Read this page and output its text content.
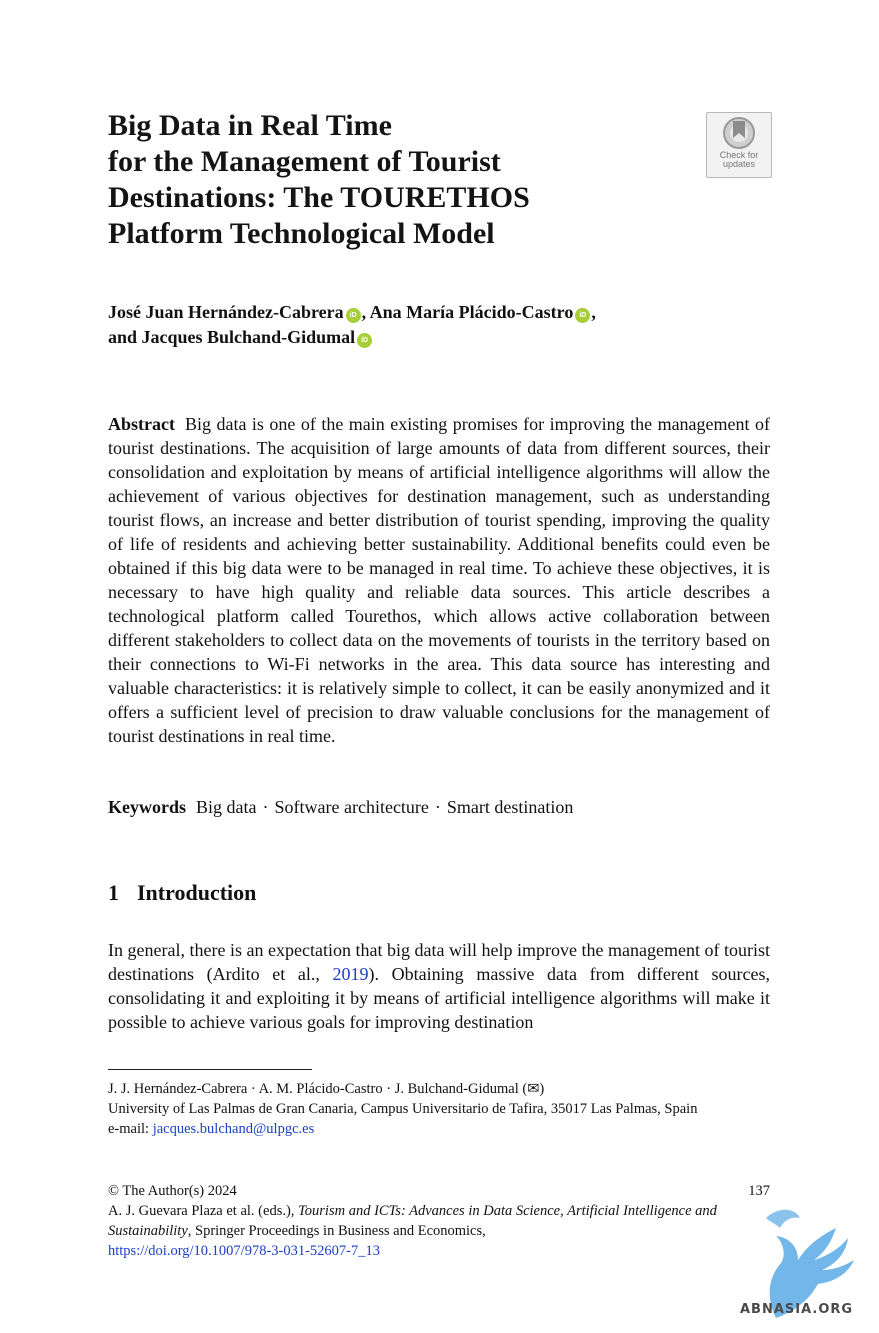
Big Data in Real Time
for the Management of Tourist
Destinations: The TOURETHOS
Platform Technological Model
Check for
updates
José Juan Hernández-Cabrera iD , Ana María Plácido-Castro iD ,
and Jacques Bulchand-Gidumal iD
Abstract Big data is one of the main existing promises for improving the management of tourist destinations. The acquisition of large amounts of data from different sources, their consolidation and exploitation by means of artificial intelligence algorithms will allow the achievement of various objectives for destination management, such as understanding tourist flows, an increase and better distribution of tourist spending, improving the quality of life of residents and achieving better sustainability. Additional benefits could even be obtained if this big data were to be managed in real time. To achieve these objectives, it is necessary to have high quality and reliable data sources. This article describes a technological platform called Tourethos, which allows active collaboration between different stakeholders to collect data on the movements of tourists in the territory based on their connections to Wi-Fi networks in the area. This data source has interesting and valuable characteristics: it is relatively simple to collect, it can be easily anonymized and it offers a sufficient level of precision to draw valuable conclusions for the management of tourist destinations in real time.
Keywords Big data · Software architecture · Smart destination
1 Introduction
In general, there is an expectation that big data will help improve the management of tourist destinations (Ardito et al., 2019). Obtaining massive data from different sources, consolidating it and exploiting it by means of artificial intelligence algorithms will make it possible to achieve various goals for improving destination
J. J. Hernández-Cabrera · A. M. Plácido-Castro · J. Bulchand-Gidumal (✉)
University of Las Palmas de Gran Canaria, Campus Universitario de Tafira, 35017 Las Palmas, Spain
e-mail: jacques.bulchand@ulpgc.es
© The Author(s) 2024	137
A. J. Guevara Plaza et al. (eds.), Tourism and ICTs: Advances in Data Science, Artificial Intelligence and Sustainability, Springer Proceedings in Business and Economics,
https://doi.org/10.1007/978-3-031-52607-7_13
ABNASIA.ORG
